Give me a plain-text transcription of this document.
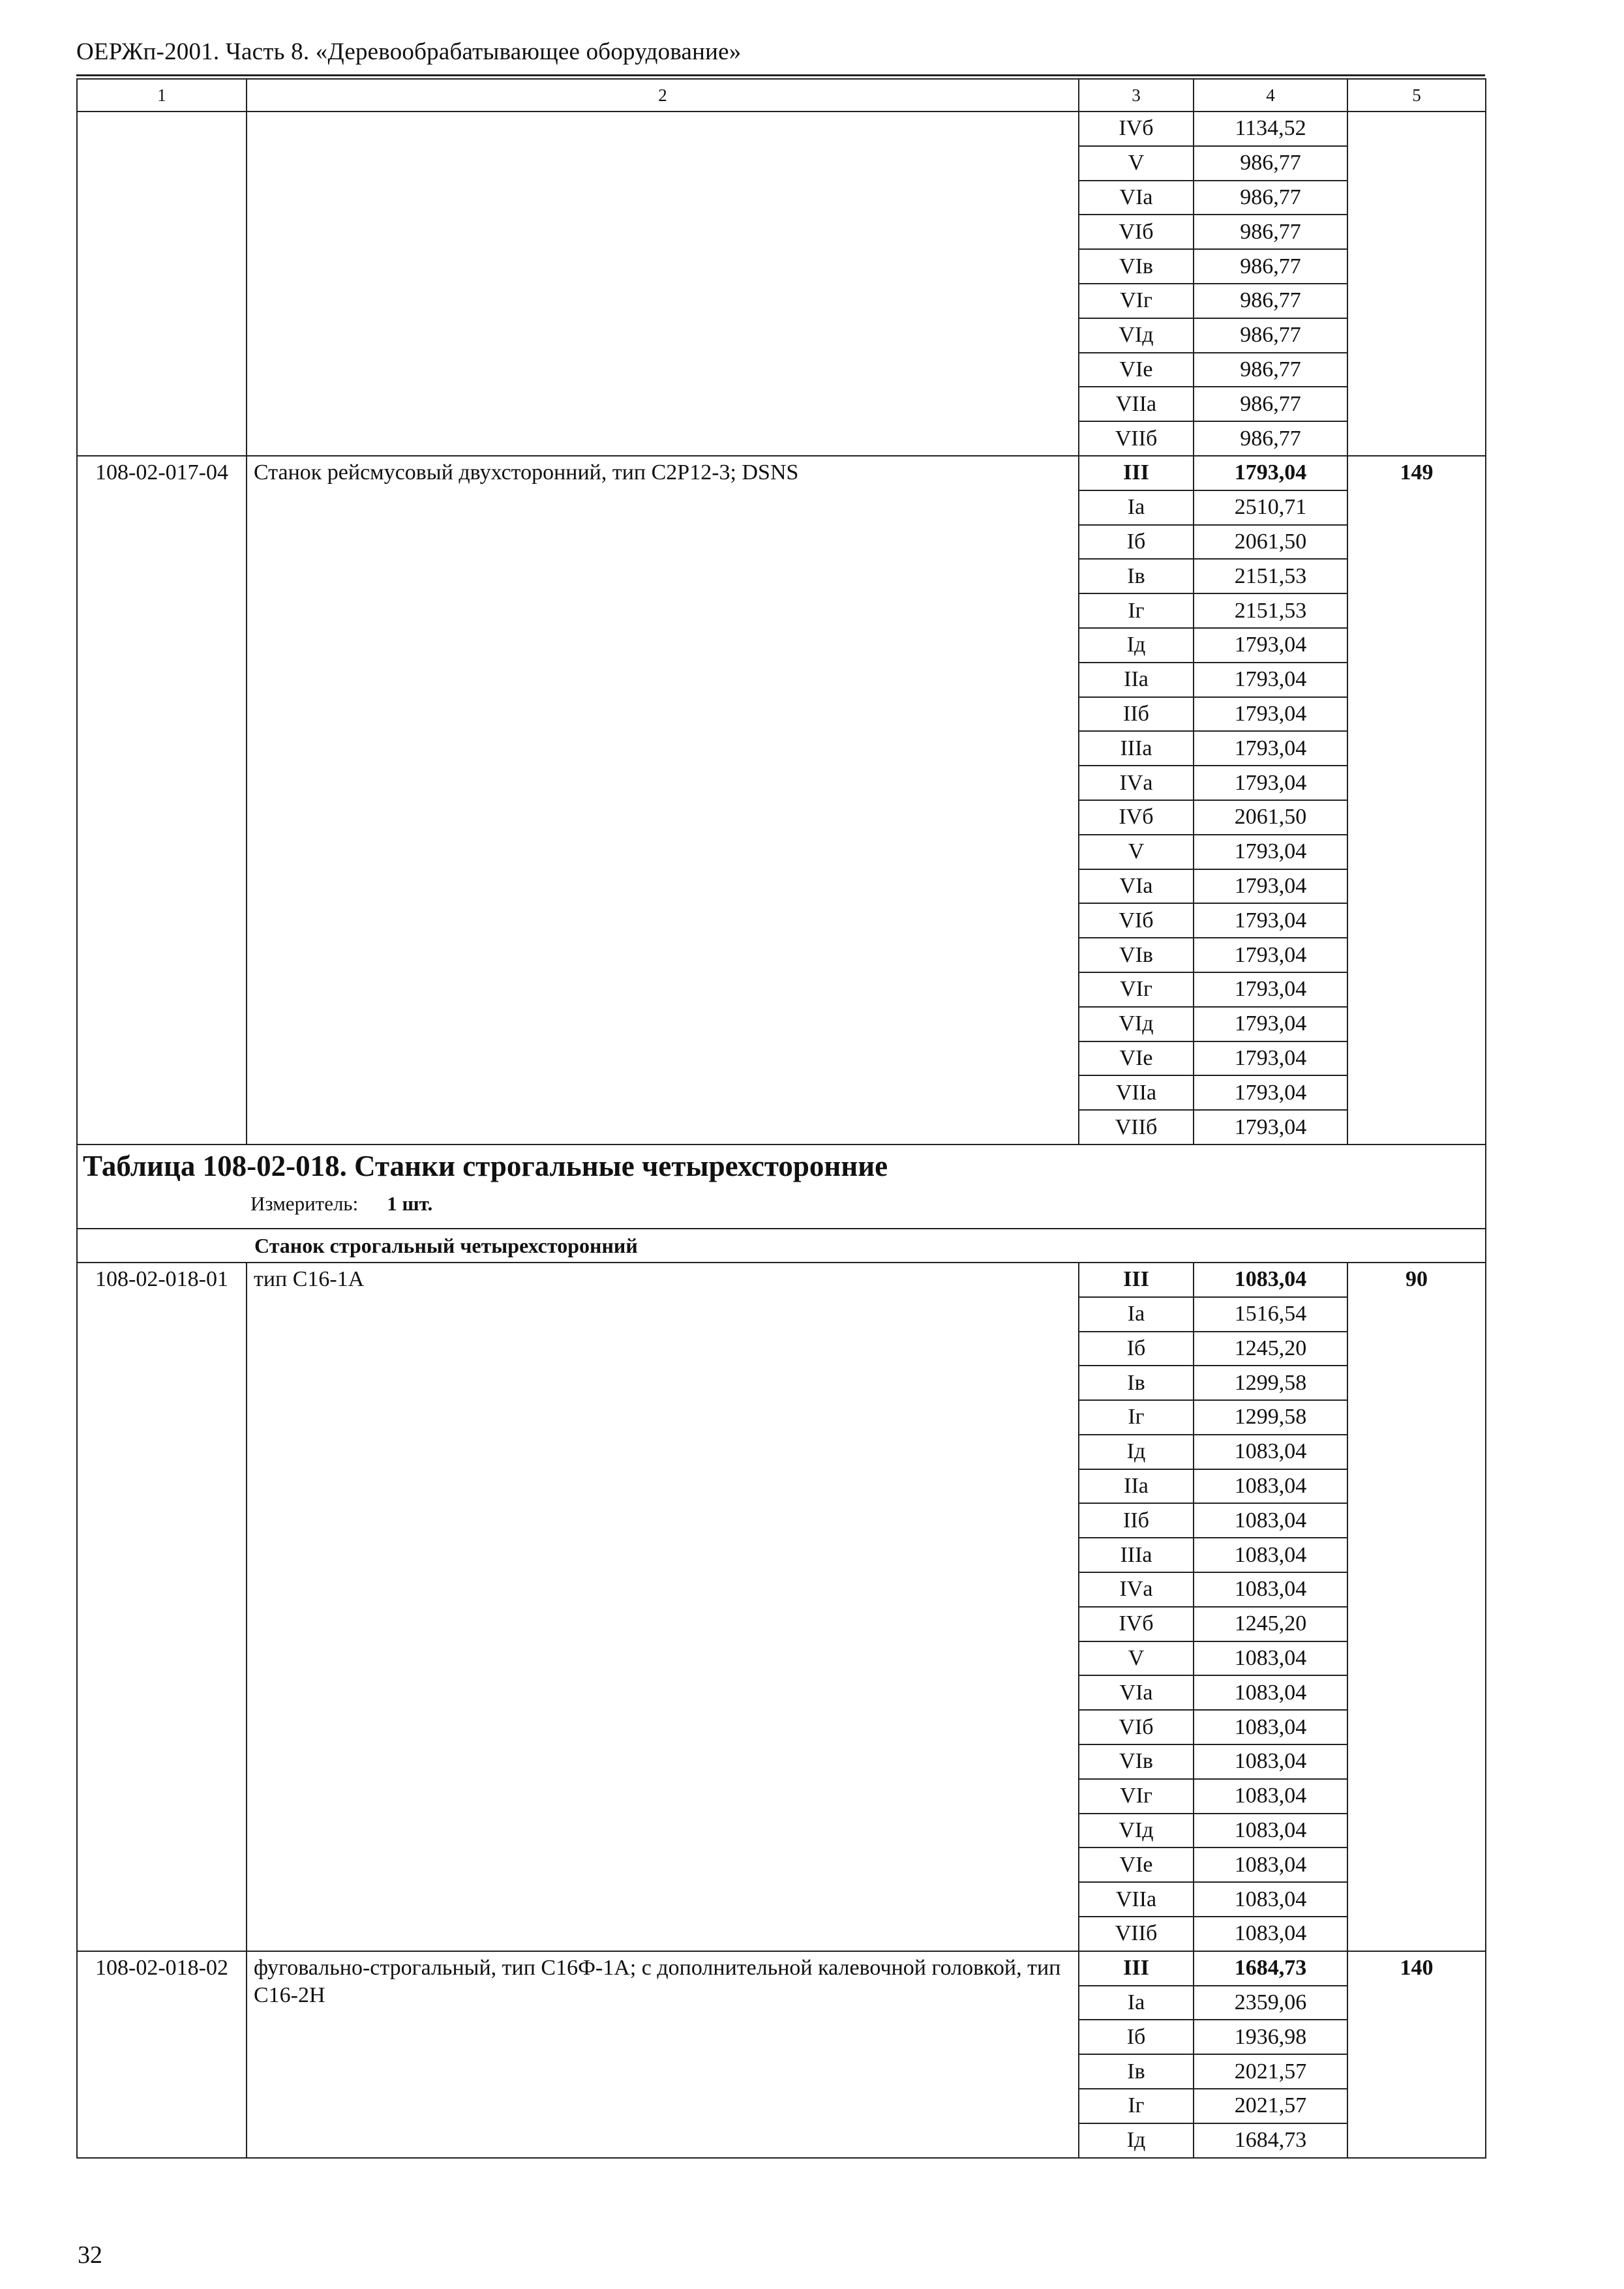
ОЕРЖп-2001. Часть 8. «Деревообрабатывающее оборудование»
1	2	3	4	5
		IVб	1134,52	
		V	986,77	
		VIа	986,77	
		VIб	986,77	
		VIв	986,77	
		VIг	986,77	
		VIд	986,77	
		VIе	986,77	
		VIIа	986,77	
		VIIб	986,77	
108-02-017-04	Станок рейсмусовый двухсторонний, тип С2Р12-3; DSNS	III	1793,04	149
		Iа	2510,71	
		Iб	2061,50	
		Iв	2151,53	
		Iг	2151,53	
		Iд	1793,04	
		IIа	1793,04	
		IIб	1793,04	
		IIIа	1793,04	
		IVа	1793,04	
		IVб	2061,50	
		V	1793,04	
		VIа	1793,04	
		VIб	1793,04	
		VIв	1793,04	
		VIг	1793,04	
		VIд	1793,04	
		VIе	1793,04	
		VIIа	1793,04	
		VIIб	1793,04	

Таблица 108-02-018. Станки строгальные четырехсторонние
Измеритель: 1 шт.				

Станок строгальный четырехсторонний				
108-02-018-01	тип С16-1А	III	1083,04	90
		Iа	1516,54	
		Iб	1245,20	
		Iв	1299,58	
		Iг	1299,58	
		Iд	1083,04	
		IIа	1083,04	
		IIб	1083,04	
		IIIа	1083,04	
		IVа	1083,04	
		IVб	1245,20	
		V	1083,04	
		VIа	1083,04	
		VIб	1083,04	
		VIв	1083,04	
		VIг	1083,04	
		VIд	1083,04	
		VIе	1083,04	
		VIIа	1083,04	
		VIIб	1083,04	
108-02-018-02	фуговально-строгальный, тип С16Ф-1А; с дополнительной калевочной головкой, тип С16-2Н	III	1684,73	140
		Iа	2359,06	
		Iб	1936,98	
		Iв	2021,57	
		Iг	2021,57	
		Iд	1684,73	
32
